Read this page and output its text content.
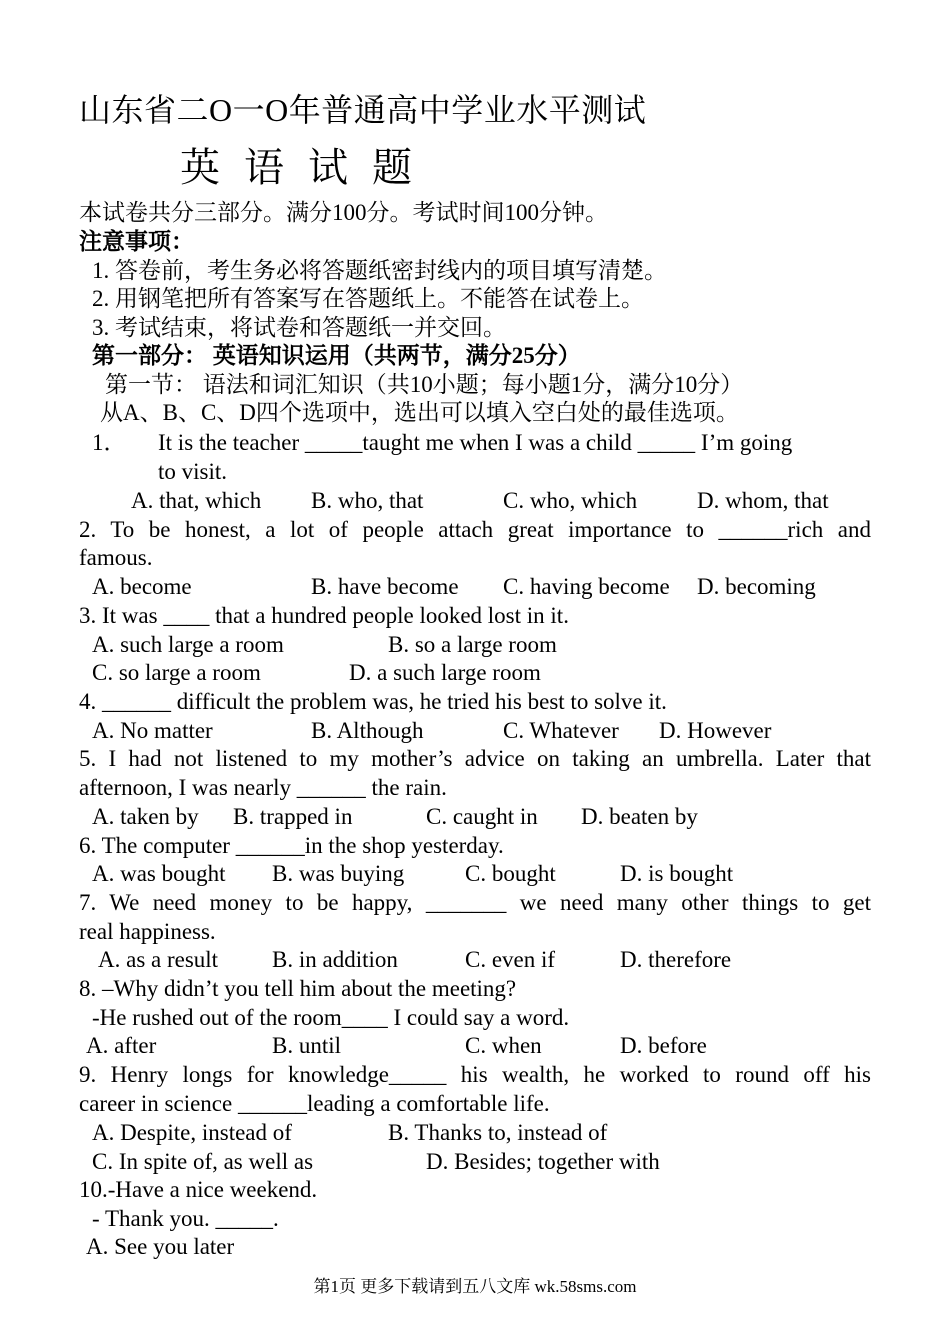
山东省二O一O年普通高中学业水平测试
英语试题
本试卷共分三部分。满分100分。考试时间100分钟。
注意事项：
1. 答卷前，考生务必将答题纸密封线内的项目填写清楚。
2. 用钢笔把所有答案写在答题纸上。不能答在试卷上。
3. 考试结束，将试卷和答题纸一并交回。
第一部分： 英语知识运用（共两节，满分25分）
第一节： 语法和词汇知识（共10小题；每小题1分，满分10分）
从A、B、C、D四个选项中，选出可以填入空白处的最佳选项。
1． It is the teacher _____taught me when I was a child _____ I’m going
to visit.
A. that, which B. who, that	C. who, which	D. whom, that
2. To be honest, a lot of people attach great importance to ______rich and
famous.
A. become	B. have become C. having become D. becoming
3. It was ____ that a hundred people looked lost in it.
A. such large a room	B. so a large room
C. so large a room	D. a such large room
4. ______ difficult the problem was, he tried his best to solve it.
A. No matter	B. Although	C. Whatever D. However
5. I had not listened to my mother’s advice on taking an umbrella. Later that
afternoon, I was nearly ______ the rain.
A. taken by B. trapped in	C. caught in D. beaten by
6. The computer ______in the shop yesterday.
A. was bought B. was buying	C. bought	D. is bought
7. We need money to be happy, _______ we need many other things to get
real happiness.
A. as a result B. in addition	C. even if	D. therefore
8. –Why didn’t you tell him about the meeting?
-He rushed out of the room____ I could say a word.
A. after	B. until	C. when	D. before
9. Henry longs for knowledge_____ his wealth, he worked to round off his
career in science ______leading a comfortable life.
A. Despite, instead of	B. Thanks to, instead of
C. In spite of, as well as	D. Besides; together with
10.-Have a nice weekend.
- Thank you. _____.
A. See you later
第1页 更多下载请到五八文库 wk.58sms.com
